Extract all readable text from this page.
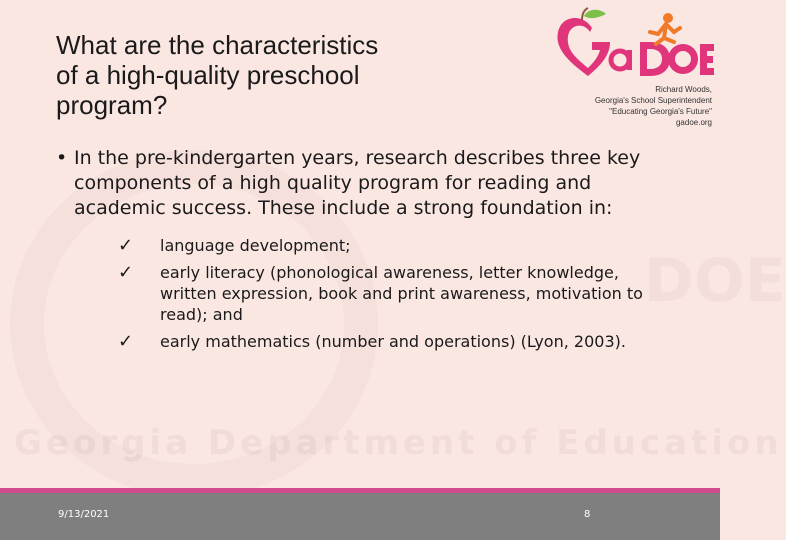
DOE
Georgia Department of Education
What are the characteristics
of a high-quality preschool
program?
Richard Woods,
Georgia's School Superintendent
"Educating Georgia's Future"
gadoe.org
• In the pre-kindergarten years, research describes three key components of a high quality program for reading and academic success. These include a strong foundation in:
✓ language development;
✓ early literacy (phonological awareness, letter knowledge, written expression, book and print awareness, motivation to read); and
✓ early mathematics (number and operations) (Lyon, 2003).
9/13/2021	8
